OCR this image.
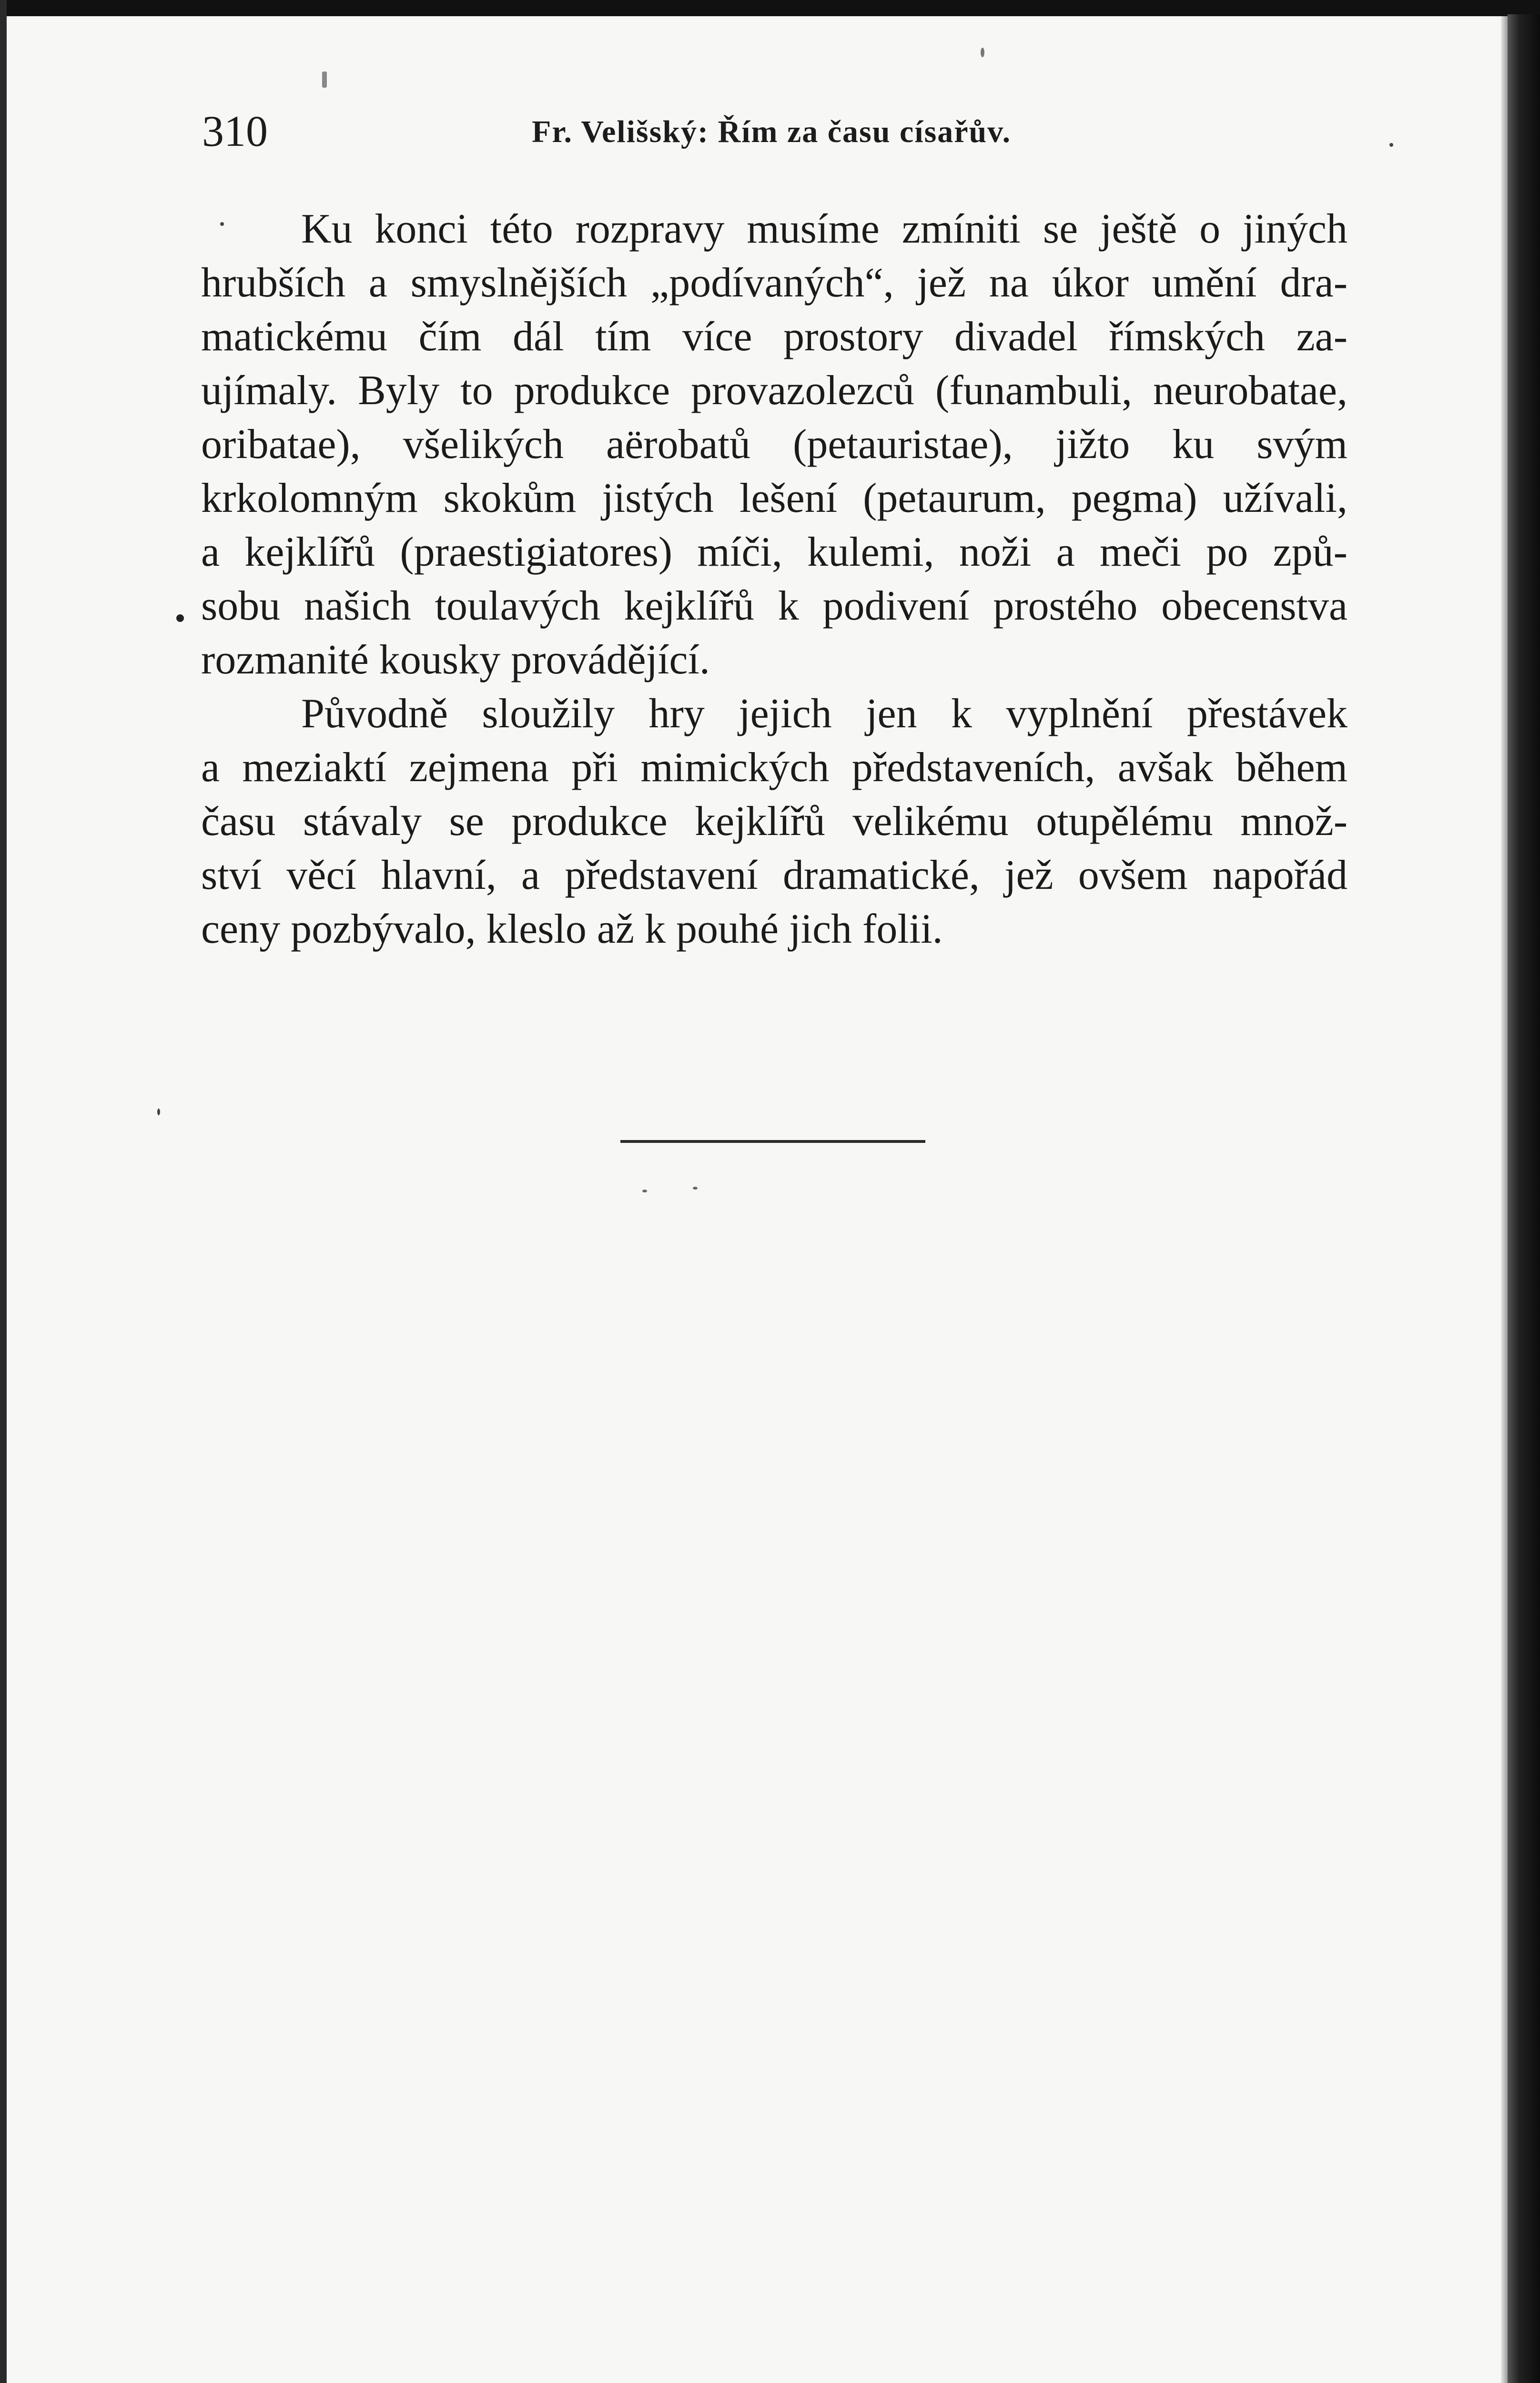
310	Fr. Velišský: Řím za času císařův.
Ku konci této rozpravy musíme zmíniti se ještě o jiných
hrubších a smyslnějších „podívaných“, jež na úkor umění dra-
matickému čím dál tím více prostory divadel římských za-
ujímaly. Byly to produkce provazolezců (funambuli, neurobatae,
oribatae), všelikých aërobatů (petauristae), jižto ku svým
krkolomným skokům jistých lešení (petaurum, pegma) užívali,
a kejklířů (praestigiatores) míči, kulemi, noži a meči po způ-
sobu našich toulavých kejklířů k podivení prostého obecenstva
rozmanité kousky provádějící.
Původně sloužily hry jejich jen k vyplnění přestávek
a meziaktí zejmena při mimických představeních, avšak během
času stávaly se produkce kejklířů velikému otupělému množ-
ství věcí hlavní, a představení dramatické, jež ovšem napořád
ceny pozbývalo, kleslo až k pouhé jich folii.
